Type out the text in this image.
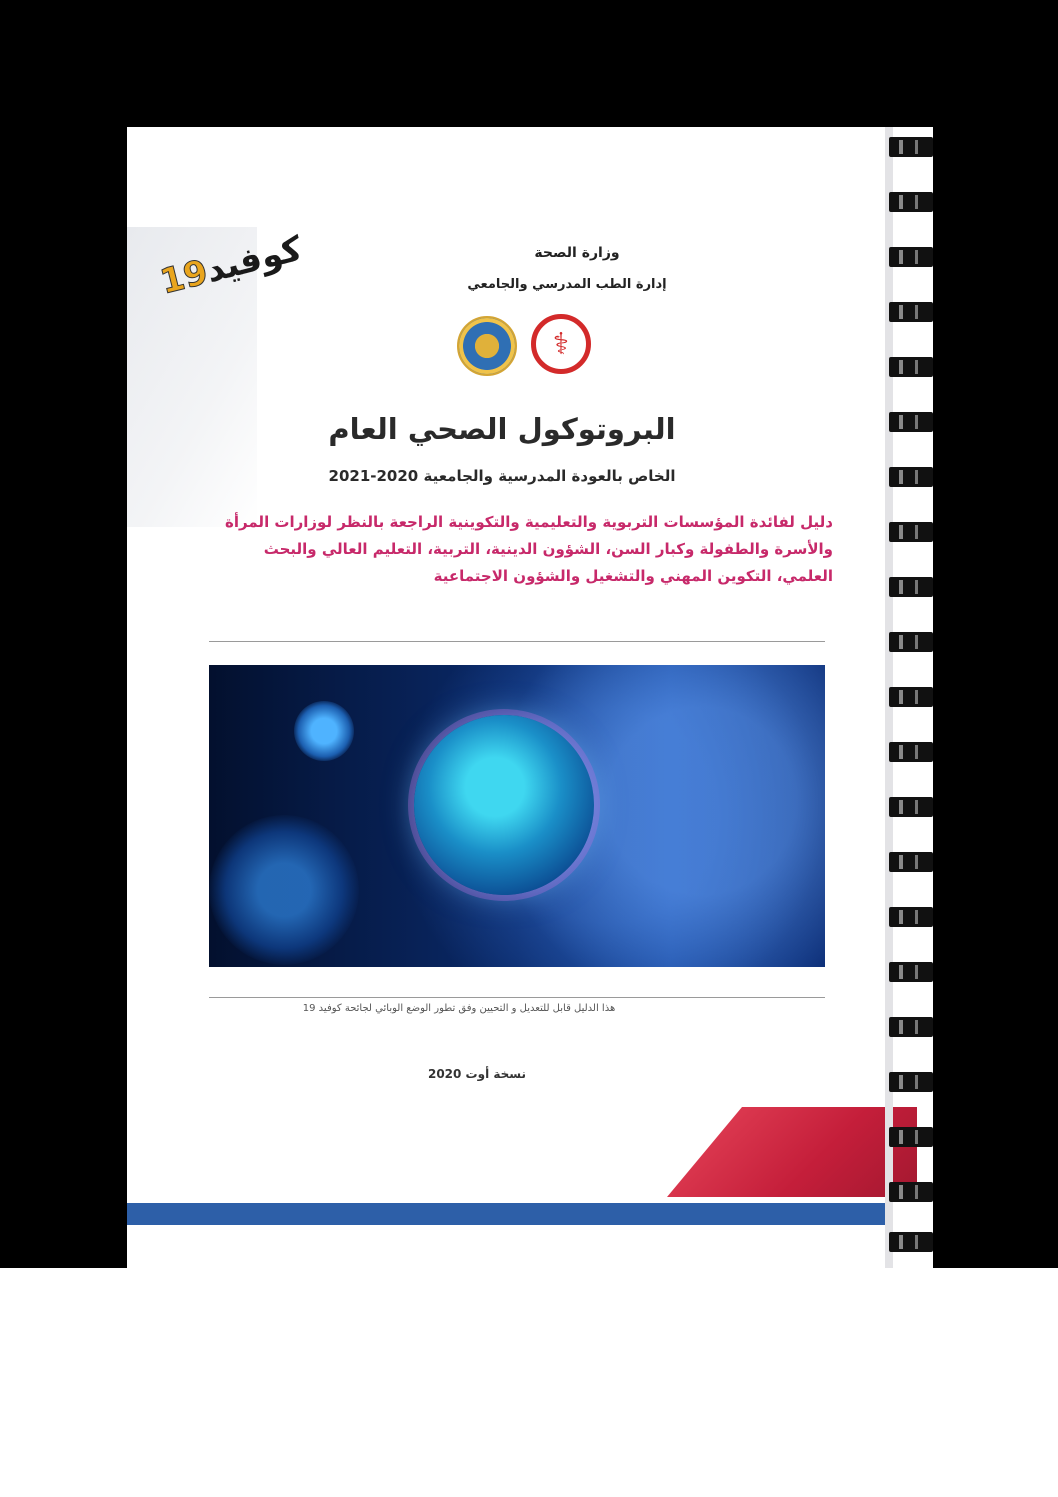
كوفيد19	وزارة الصحة
إدارة الطب المدرسي والجامعي
⚕
البروتوكول الصحي العام
الخاص بالعودة المدرسية والجامعية 2020-2021
دليل لفائدة المؤسسات التربوية والتعليمية والتكوينية الراجعة بالنظر لوزارات المرأة والأسرة والطفولة وكبار السن، الشؤون الدينية، التربية، التعليم العالي والبحث العلمي، التكوين المهني والتشغيل والشؤون الاجتماعية
هذا الدليل قابل للتعديل و التحيين وفق تطور الوضع الوبائي لجائحة كوفيد 19
نسخة أوت 2020
